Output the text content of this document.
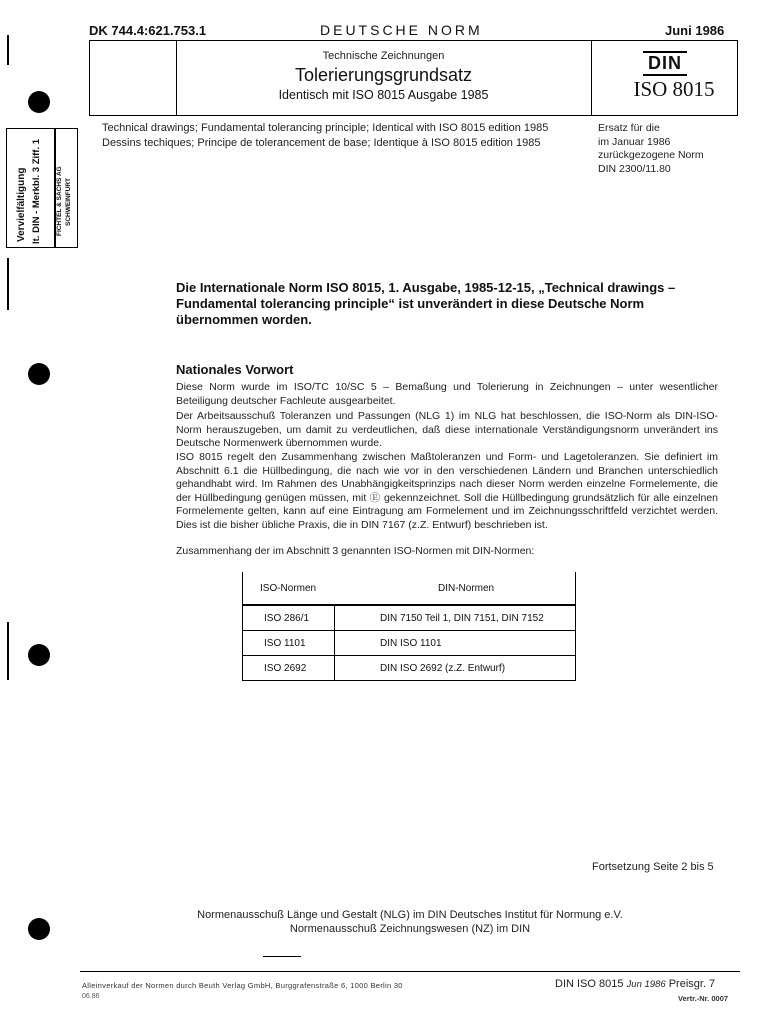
Vervielfältigung lt. DIN - Merkbl. 3 Ziff. 1 FICHTEL & SACHS AG SCHWEINFURT
DK 744.4:621.753.1	DEUTSCHE NORM	Juni 1986
Technische Zeichnungen
Tolerierungsgrundsatz
Identisch mit ISO 8015 Ausgabe 1985
DIN
ISO 8015
Technical drawings; Fundamental tolerancing principle; Identical with ISO 8015 edition 1985
Dessins techiques; Principe de tolerancement de base; Identique à ISO 8015 edition 1985
Ersatz für die
im Januar 1986
zurückgezogene Norm
DIN 2300/11.80
Die Internationale Norm ISO 8015, 1. Ausgabe, 1985-12-15, „Technical drawings – Fundamental tolerancing principle“ ist unverändert in diese Deutsche Norm übernommen worden.
Nationales Vorwort
Diese Norm wurde im ISO/TC 10/SC 5 – Bemaßung und Tolerierung in Zeichnungen – unter wesentlicher Beteiligung deutscher Fachleute ausgearbeitet.
Der Arbeitsausschuß Toleranzen und Passungen (NLG 1) im NLG hat beschlossen, die ISO-Norm als DIN-ISO-Norm herauszugeben, um damit zu verdeutlichen, daß diese internationale Verständigungsnorm unverändert ins Deutsche Normenwerk übernommen wurde.
ISO 8015 regelt den Zusammenhang zwischen Maßtoleranzen und Form- und Lagetoleranzen. Sie definiert im Abschnitt 6.1 die Hüllbedingung, die nach wie vor in den verschiedenen Ländern und Branchen unterschiedlich gehandhabt wird. Im Rahmen des Unabhängigkeitsprinzips nach dieser Norm werden einzelne Formelemente, die der Hüllbedingung genügen müssen, mit Ⓔ gekennzeichnet. Soll die Hüllbedingung grundsätzlich für alle einzelnen Formelemente gelten, kann auf eine Eintragung am Formelement und im Zeichnungsschriftfeld verzichtet werden. Dies ist die bisher übliche Praxis, die in DIN 7167 (z.Z. Entwurf) beschrieben ist.
Zusammenhang der im Abschnitt 3 genannten ISO-Normen mit DIN-Normen:
ISO-Normen	DIN-Normen
ISO 286/1	DIN 7150 Teil 1, DIN 7151, DIN 7152
ISO 1101	DIN ISO 1101
ISO 2692	DIN ISO 2692 (z.Z. Entwurf)
Fortsetzung Seite 2 bis 5
Normenausschuß Länge und Gestalt (NLG) im DIN Deutsches Institut für Normung e.V.
Normenausschuß Zeichnungswesen (NZ) im DIN
Alleinverkauf der Normen durch Beuth Verlag GmbH, Burggrafenstraße 6, 1000 Berlin 30
06.86
DIN ISO 8015 Jun 1986 Preisgr. 7
Vertr.-Nr. 0007
